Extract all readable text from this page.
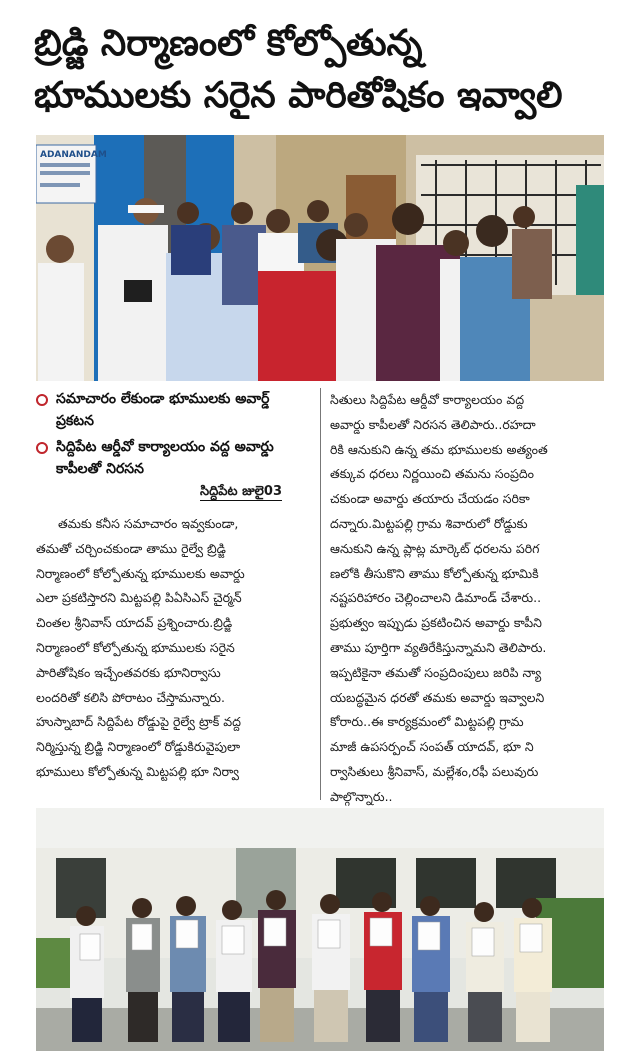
బ్రిడ్జి నిర్మాణంలో కోల్పోతున్న
భూములకు సరైన పారితోషికం ఇవ్వాలి
ADANANDAM
సమాచారం లేకుండా భూములకు అవార్డ్ ప్రకటన
సిద్దిపేట ఆర్డీవో కార్యాలయం వద్ద అవార్డు కాపీలతో నిరసన
సిద్దిపేట జులై03
తమకు కనీస సమాచారం ఇవ్వకుండా,
తమతో చర్చించకుండా తాము రైల్వే బ్రిడ్జి
నిర్మాణంలో కోల్పోతున్న భూములకు అవార్డు
ఎలా ప్రకటిస్తారని మిట్టపల్లి పిఏసిఎస్ చైర్మన్
చింతల శ్రీనివాస్ యాదవ్ ప్రశ్నించారు.బ్రిడ్జి
నిర్మాణంలో కోల్పోతున్న భూములకు సరైన
పారితోషికం ఇచ్చేంతవరకు భూనిర్వాసు
లందరితో కలిసి పోరాటం చేస్తామన్నారు.
హుస్నాబాద్ సిద్దిపేట రోడ్డుపై రైల్వే ట్రాక్ వద్ద
నిర్మిస్తున్న బ్రిడ్జి నిర్మాణంలో రోడ్డుకిరువైపులా
భూములు కోల్పోతున్న మిట్టపల్లి భూ నిర్వా
సితులు సిద్దిపేట ఆర్డీవో కార్యాలయం వద్ద
అవార్డు కాపీలతో నిరసన తెలిపారు..రహదా
రికి ఆనుకుని ఉన్న తమ భూములకు అత్యంత
తక్కువ ధరలు నిర్ణయించి తమను సంప్రదిం
చకుండా అవార్డు తయారు చేయడం సరికా
దన్నారు.మిట్టపల్లి గ్రామ శివారులో రోడ్డుకు
ఆనుకుని ఉన్న ప్లాట్ల మార్కెట్ ధరలను పరిగ
ణలోకి తీసుకొని తాము కోల్పోతున్న భూమికి
నష్టపరిహారం చెల్లించాలని డిమాండ్ చేశారు..
ప్రభుత్వం ఇప్పుడు ప్రకటించిన అవార్డు కాపీని
తాము పూర్తిగా వ్యతిరేకిస్తున్నామని తెలిపారు.
ఇప్పటికైనా తమతో సంప్రదింపులు జరిపి న్యా
యబద్ధమైన ధరతో తమకు అవార్డు ఇవ్వాలని
కోరారు..ఈ కార్యక్రమంలో మిట్టపల్లి గ్రామ
మాజీ ఉపసర్పంచ్ సంపత్ యాదవ్, భూ ని
ర్వాసితులు శ్రీనివాస్, మల్లేశం,రఫీ పలువురు
పాల్గొన్నారు..
